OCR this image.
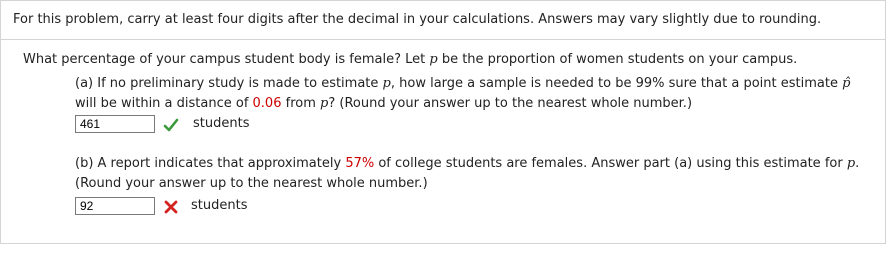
For this problem, carry at least four digits after the decimal in your calculations. Answers may vary slightly due to rounding.
What percentage of your campus student body is female? Let p be the proportion of women students on your campus.
(a) If no preliminary study is made to estimate p, how large a sample is needed to be 99% sure that a point estimate p̂
will be within a distance of 0.06 from p? (Round your answer up to the nearest whole number.)
461
students
(b) A report indicates that approximately 57% of college students are females. Answer part (a) using this estimate for p.
(Round your answer up to the nearest whole number.)
92
students
